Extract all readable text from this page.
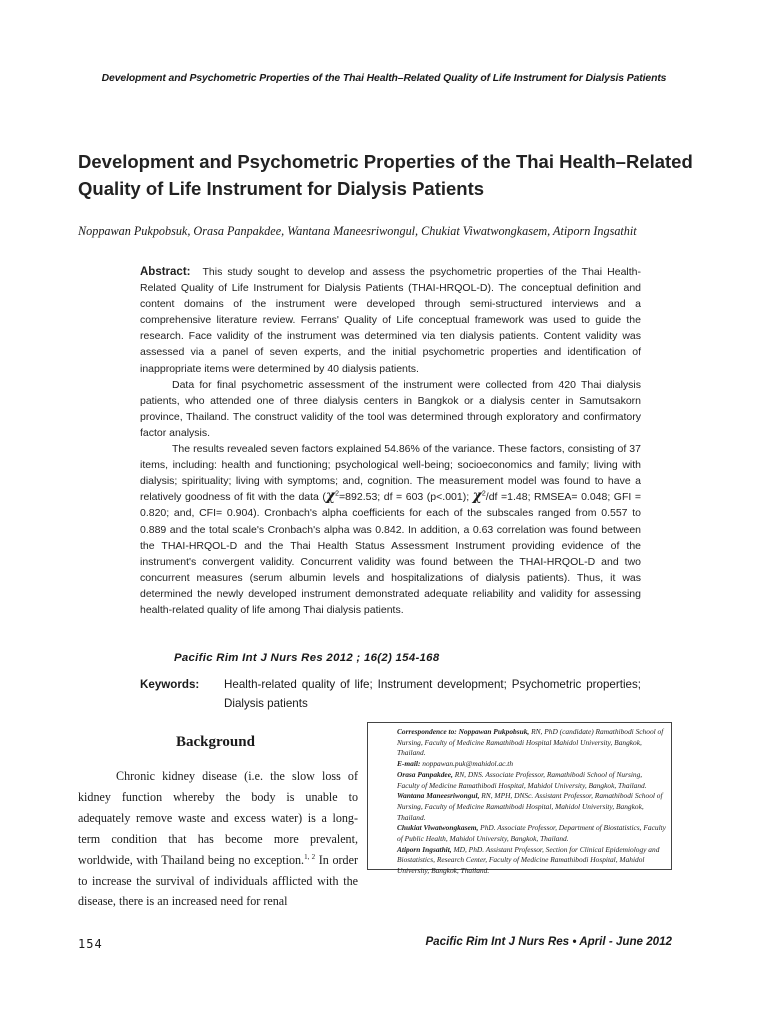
Development and Psychometric Properties of the Thai Health–Related Quality of Life Instrument for Dialysis Patients
Development and Psychometric Properties of the Thai Health–Related Quality of Life Instrument for Dialysis Patients
Noppawan Pukpobsuk, Orasa Panpakdee, Wantana Maneesriwongul, Chukiat Viwatwongkasem, Atiporn Ingsathit

Abstract: This study sought to develop and assess the psychometric properties of the Thai Health-Related Quality of Life Instrument for Dialysis Patients (THAI-HRQOL-D). The conceptual definition and content domains of the instrument were developed through semi-structured interviews and a comprehensive literature review. Ferrans' Quality of Life conceptual framework was used to guide the research. Face validity of the instrument was determined via ten dialysis patients. Content validity was assessed via a panel of seven experts, and the initial psychometric properties and identification of inappropriate items were determined by 40 dialysis patients.

Data for final psychometric assessment of the instrument were collected from 420 Thai dialysis patients, who attended one of three dialysis centers in Bangkok or a dialysis center in Samutsakorn province, Thailand. The construct validity of the tool was determined through exploratory and confirmatory factor analysis.

The results revealed seven factors explained 54.86% of the variance. These factors, consisting of 37 items, including: health and functioning; psychological well-being; socioeconomics and family; living with dialysis; spirituality; living with symptoms; and, cognition. The measurement model was found to have a relatively goodness of fit with the data ($\chi^2=892.53$; df = 603 (p<.001); $\chi^2/df =1.48$; RMSEA= 0.048; GFI = 0.820; and, CFI= 0.904). Cronbach's alpha coefficients for each of the subscales ranged from 0.557 to 0.889 and the total scale's Cronbach's alpha was 0.842. In addition, a 0.63 correlation was found between the THAI-HRQOL-D and the Thai Health Status Assessment Instrument providing evidence of the instrument's convergent validity. Concurrent validity was found between the THAI-HRQOL-D and two concurrent measures (serum albumin levels and hospitalizations of dialysis patients). Thus, it was determined the newly developed instrument demonstrated adequate reliability and validity for assessing health-related quality of life among Thai dialysis patients.

Pacific Rim Int J Nurs Res 2012 ; 16(2) 154-168
Keywords: Health-related quality of life; Instrument development; Psychometric properties; Dialysis patients
Background

Chronic kidney disease (i.e. the slow loss of kidney function whereby the body is unable to adequately remove waste and excess water) is a long-term condition that has become more prevalent, worldwide, with Thailand being no exception.$^{1, 2}$ In order to increase the survival of individuals afflicted with the disease, there is an increased need for renal

Correspondence to: Noppawan Pukpobsuk, RN, PhD (candidate) Ramathibodi School of Nursing, Faculty of Medicine Ramathibodi Hospital Mahidol University, Bangkok, Thailand.
E-mail: noppawan.puk@mahidol.ac.th
Orasa Panpakdee, RN, DNS. Associate Professor, Ramathibodi School of Nursing, Faculty of Medicine Ramathibodi Hospital, Mahidol University, Bangkok, Thailand.
Wantana Maneesriwongul, RN, MPH, DNSc. Assistant Professor, Ramathibodi School of Nursing, Faculty of Medicine Ramathibodi Hospital, Mahidol University, Bangkok, Thailand.
Chukiat Viwatwongkasem, PhD. Associate Professor, Department of Biostatistics, Faculty of Public Health, Mahidol University, Bangkok, Thailand.
Atiporn Ingsathit, MD, PhD. Assistant Professor, Section for Clinical Epidemiology and Biostatistics, Research Center, Faculty of Medicine Ramathibodi Hospital, Mahidol University, Bangkok, Thailand.
154	Pacific Rim Int J Nurs Res • April - June 2012
